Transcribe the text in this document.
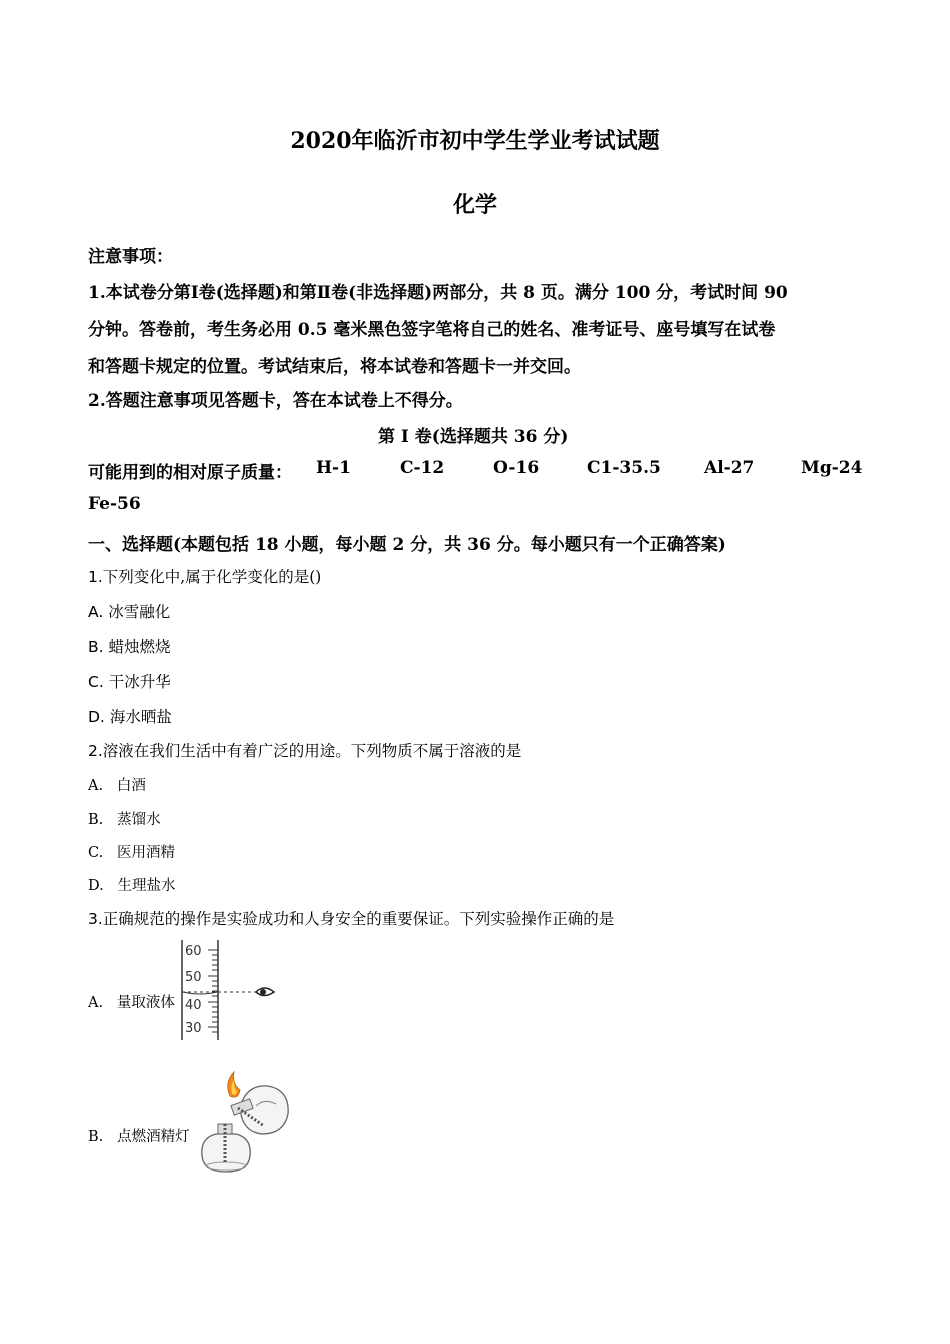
2020年临沂市初中学生学业考试试题
化学
注意事项：
1.本试卷分第Ⅰ卷(选择题)和第Ⅱ卷(非选择题)两部分，共 8 页。满分 100 分，考试时间 90
分钟。答卷前，考生务必用 0.5 毫米黑色签字笔将自己的姓名、准考证号、座号填写在试卷
和答题卡规定的位置。考试结束后，将本试卷和答题卡一并交回。
2.答题注意事项见答题卡，答在本试卷上不得分。
第 I 卷(选择题共 36 分)
可能用到的相对原子质量： H-1	C-12	O-16	C1-35.5	Al-27	Mg-24
Fe-56
一、选择题(本题包括 18 小题，每小题 2 分，共 36 分。每小题只有一个正确答案)
1.下列变化中,属于化学变化的是()
A. 冰雪融化
B. 蜡烛燃烧
C. 干冰升华
D. 海水晒盐
2.溶液在我们生活中有着广泛的用途。下列物质不属于溶液的是
A. 白酒
B. 蒸馏水
C. 医用酒精
D. 生理盐水
3.正确规范的操作是实验成功和人身安全的重要保证。下列实验操作正确的是
A. 量取液体
60
50
40
30
B. 点燃酒精灯
